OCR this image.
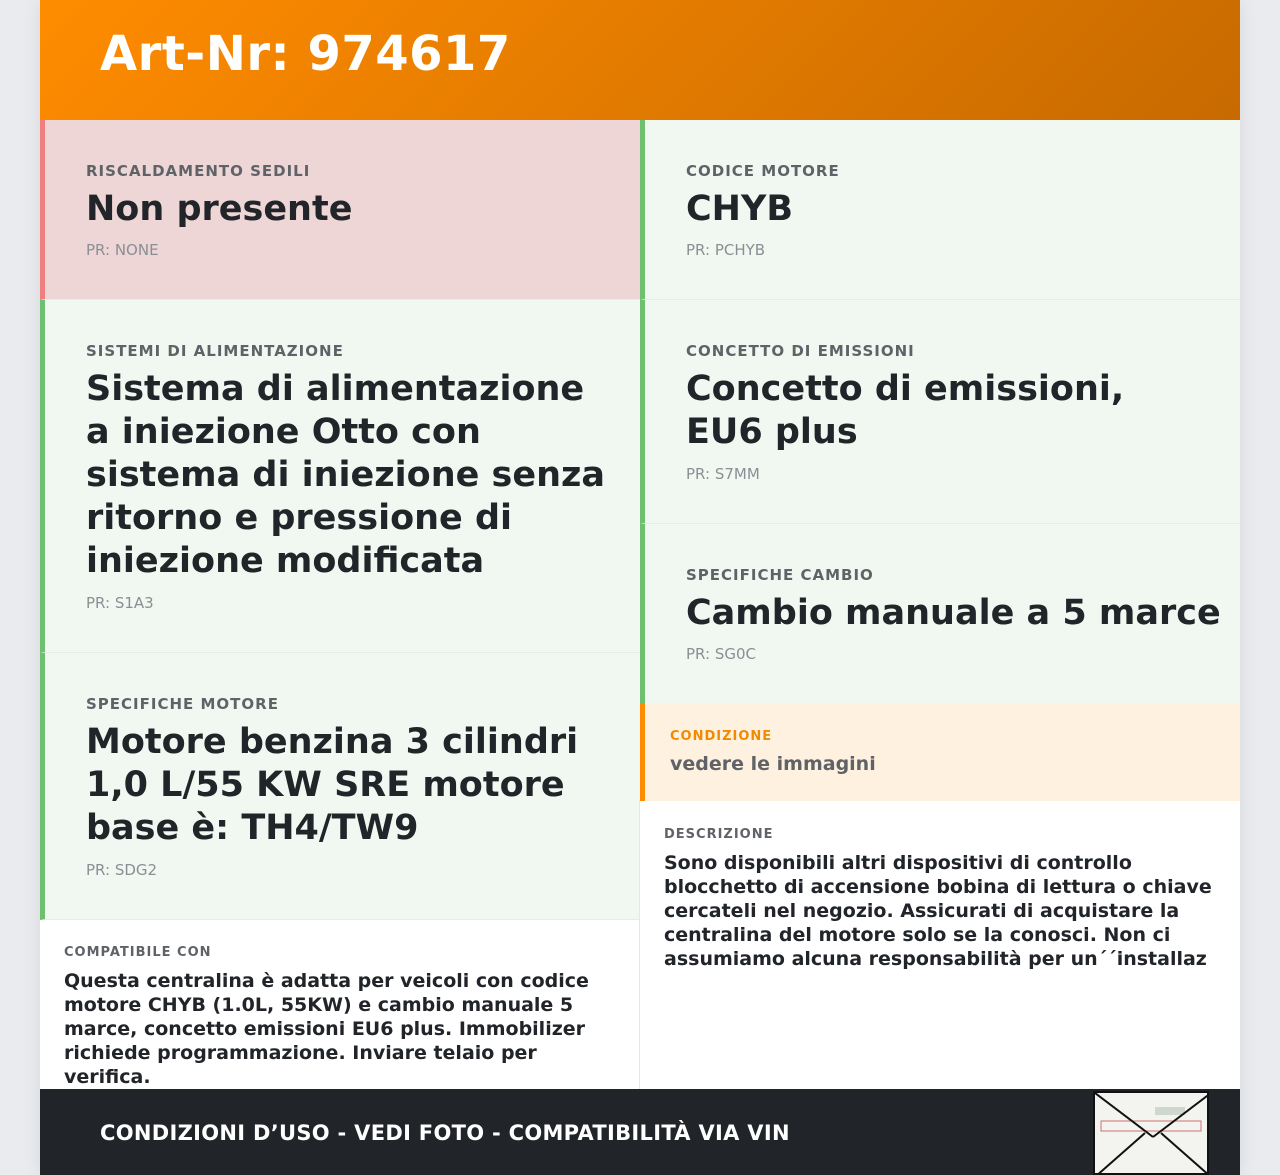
Art-Nr: 974617
RISCALDAMENTO SEDILI
Non presente
PR: NONE
SISTEMI DI ALIMENTAZIONE
Sistema di alimentazione a iniezione Otto con sistema di iniezione senza ritorno e pressione di iniezione modificata
PR: S1A3
SPECIFICHE MOTORE
Motore benzina 3 cilindri 1,0 L/55 KW SRE motore base è: TH4/TW9
PR: SDG2
CODICE MOTORE
CHYB
PR: PCHYB
CONCETTO DI EMISSIONI
Concetto di emissioni, EU6 plus
PR: S7MM
SPECIFICHE CAMBIO
Cambio manuale a 5 marce
PR: SG0C
CONDIZIONE
vedere le immagini
DESCRIZIONE
Sono disponibili altri dispositivi di controllo blocchetto di accensione bobina di lettura o chiave cercateli nel negozio. Assicurati di acquistare la centralina del motore solo se la conosci. Non ci assumiamo alcuna responsabilità per un´´installaz
COMPATIBILE CON
Questa centralina è adatta per veicoli con codice motore CHYB (1.0L, 55KW) e cambio manuale 5 marce, concetto emissioni EU6 plus. Immobilizer richiede programmazione. Inviare telaio per verifica.
CONDIZIONI D’USO - VEDI FOTO - COMPATIBILITÀ VIA VIN
